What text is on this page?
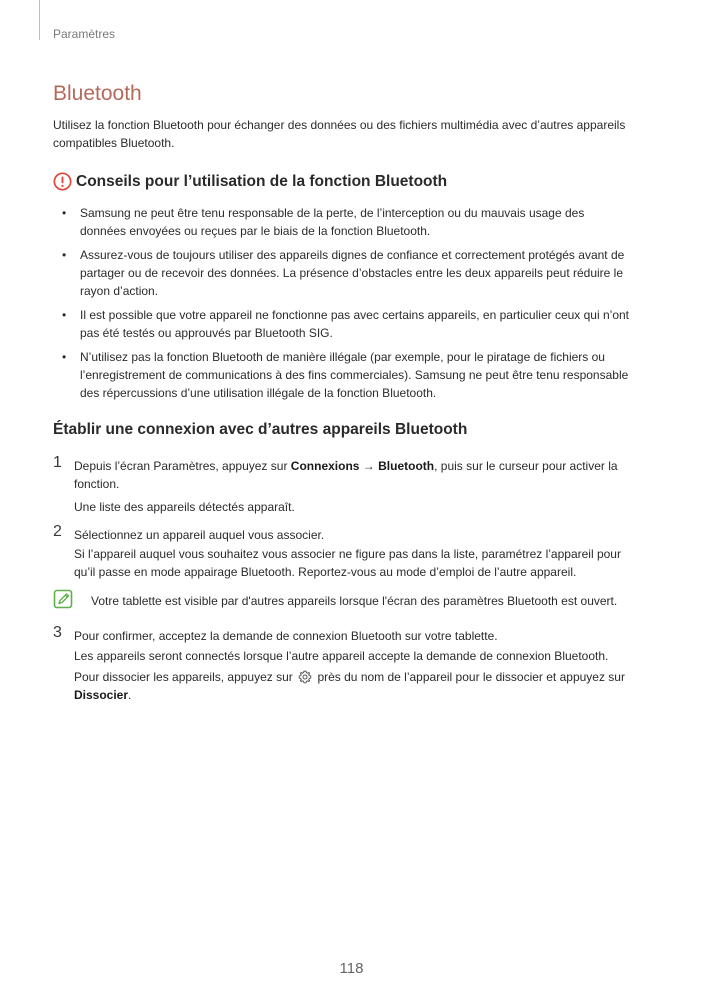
Paramètres
Bluetooth

Utilisez la fonction Bluetooth pour échanger des données ou des fichiers multimédia avec d’autres appareils
compatibles Bluetooth.

Conseils pour l’utilisation de la fonction Bluetooth
• Samsung ne peut être tenu responsable de la perte, de l’interception ou du mauvais usage des
données envoyées ou reçues par le biais de la fonction Bluetooth.
• Assurez-vous de toujours utiliser des appareils dignes de confiance et correctement protégés avant de
partager ou de recevoir des données. La présence d’obstacles entre les deux appareils peut réduire le
rayon d’action.
• Il est possible que votre appareil ne fonctionne pas avec certains appareils, en particulier ceux qui n’ont
pas été testés ou approuvés par Bluetooth SIG.
• N’utilisez pas la fonction Bluetooth de manière illégale (par exemple, pour le piratage de fichiers ou
l’enregistrement de communications à des fins commerciales). Samsung ne peut être tenu responsable
des répercussions d’une utilisation illégale de la fonction Bluetooth.
Établir une connexion avec d’autres appareils Bluetooth
1 Depuis l’écran Paramètres, appuyez sur Connexions → Bluetooth, puis sur le curseur pour activer la
fonction.

Une liste des appareils détectés apparaît.

2 Sélectionnez un appareil auquel vous associer.

Si l’appareil auquel vous souhaitez vous associer ne figure pas dans la liste, paramétrez l’appareil pour
qu’il passe en mode appairage Bluetooth. Reportez-vous au mode d’emploi de l’autre appareil.

Votre tablette est visible par d'autres appareils lorsque l'écran des paramètres Bluetooth est ouvert.

3 Pour confirmer, acceptez la demande de connexion Bluetooth sur votre tablette.

Les appareils seront connectés lorsque l’autre appareil accepte la demande de connexion Bluetooth.

Pour dissocier les appareils, appuyez sur  près du nom de l’appareil pour le dissocier et appuyez sur
Dissocier.

118
